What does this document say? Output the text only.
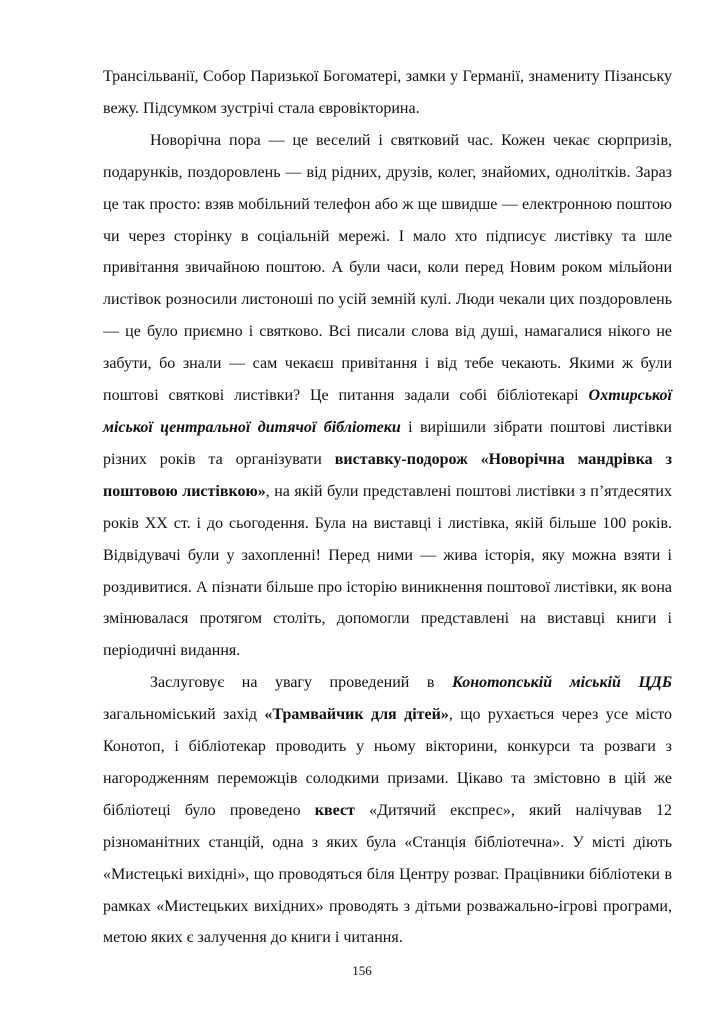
Трансільванії, Собор Паризької Богоматері, замки у Германії, знамениту Пізанську вежу. Підсумком зустрічі стала євровікторина.

Новорічна пора — це веселий і святковий час. Кожен чекає сюрпризів, подарунків, поздоровлень — від рідних, друзів, колег, знайомих, однолітків. Зараз це так просто: взяв мобільний телефон або ж ще швидше — електронною поштою чи через сторінку в соціальній мережі. І мало хто підписує листівку та шле привітання звичайною поштою. А були часи, коли перед Новим роком мільйони листівок розносили листоноші по усій земній кулі. Люди чекали цих поздоровлень — це було приємно і святково. Всі писали слова від душі, намагалися нікого не забути, бо знали — сам чекаєш привітання і від тебе чекають. Якими ж були поштові святкові листівки? Це питання задали собі бібліотекарі Охтирської міської центральної дитячої бібліотеки і вирішили зібрати поштові листівки різних років та організувати виставку-подорож «Новорічна мандрівка з поштовою листівкою», на якій були представлені поштові листівки з п’ятдесятих років ХХ ст. і до сьогодення. Була на виставці і листівка, якій більше 100 років. Відвідувачі були у захопленні! Перед ними — жива історія, яку можна взяти і роздивитися. А пізнати більше про історію виникнення поштової листівки, як вона змінювалася протягом століть, допомогли представлені на виставці книги і періодичні видання.

Заслуговує на увагу проведений в Конотопській міській ЦДБ загальноміський захід «Трамвайчик для дітей», що рухається через усе місто Конотоп, і бібліотекар проводить у ньому вікторини, конкурси та розваги з нагородженням переможців солодкими призами. Цікаво та змістовно в цій же бібліотеці було проведено квест «Дитячий експрес», який налічував 12 різноманітних станцій, одна з яких була «Станція бібліотечна». У місті діють «Мистецькі вихідні», що проводяться біля Центру розваг. Працівники бібліотеки в рамках «Мистецьких вихідних» проводять з дітьми розважально-ігрові програми, метою яких є залучення до книги і читання.

156
